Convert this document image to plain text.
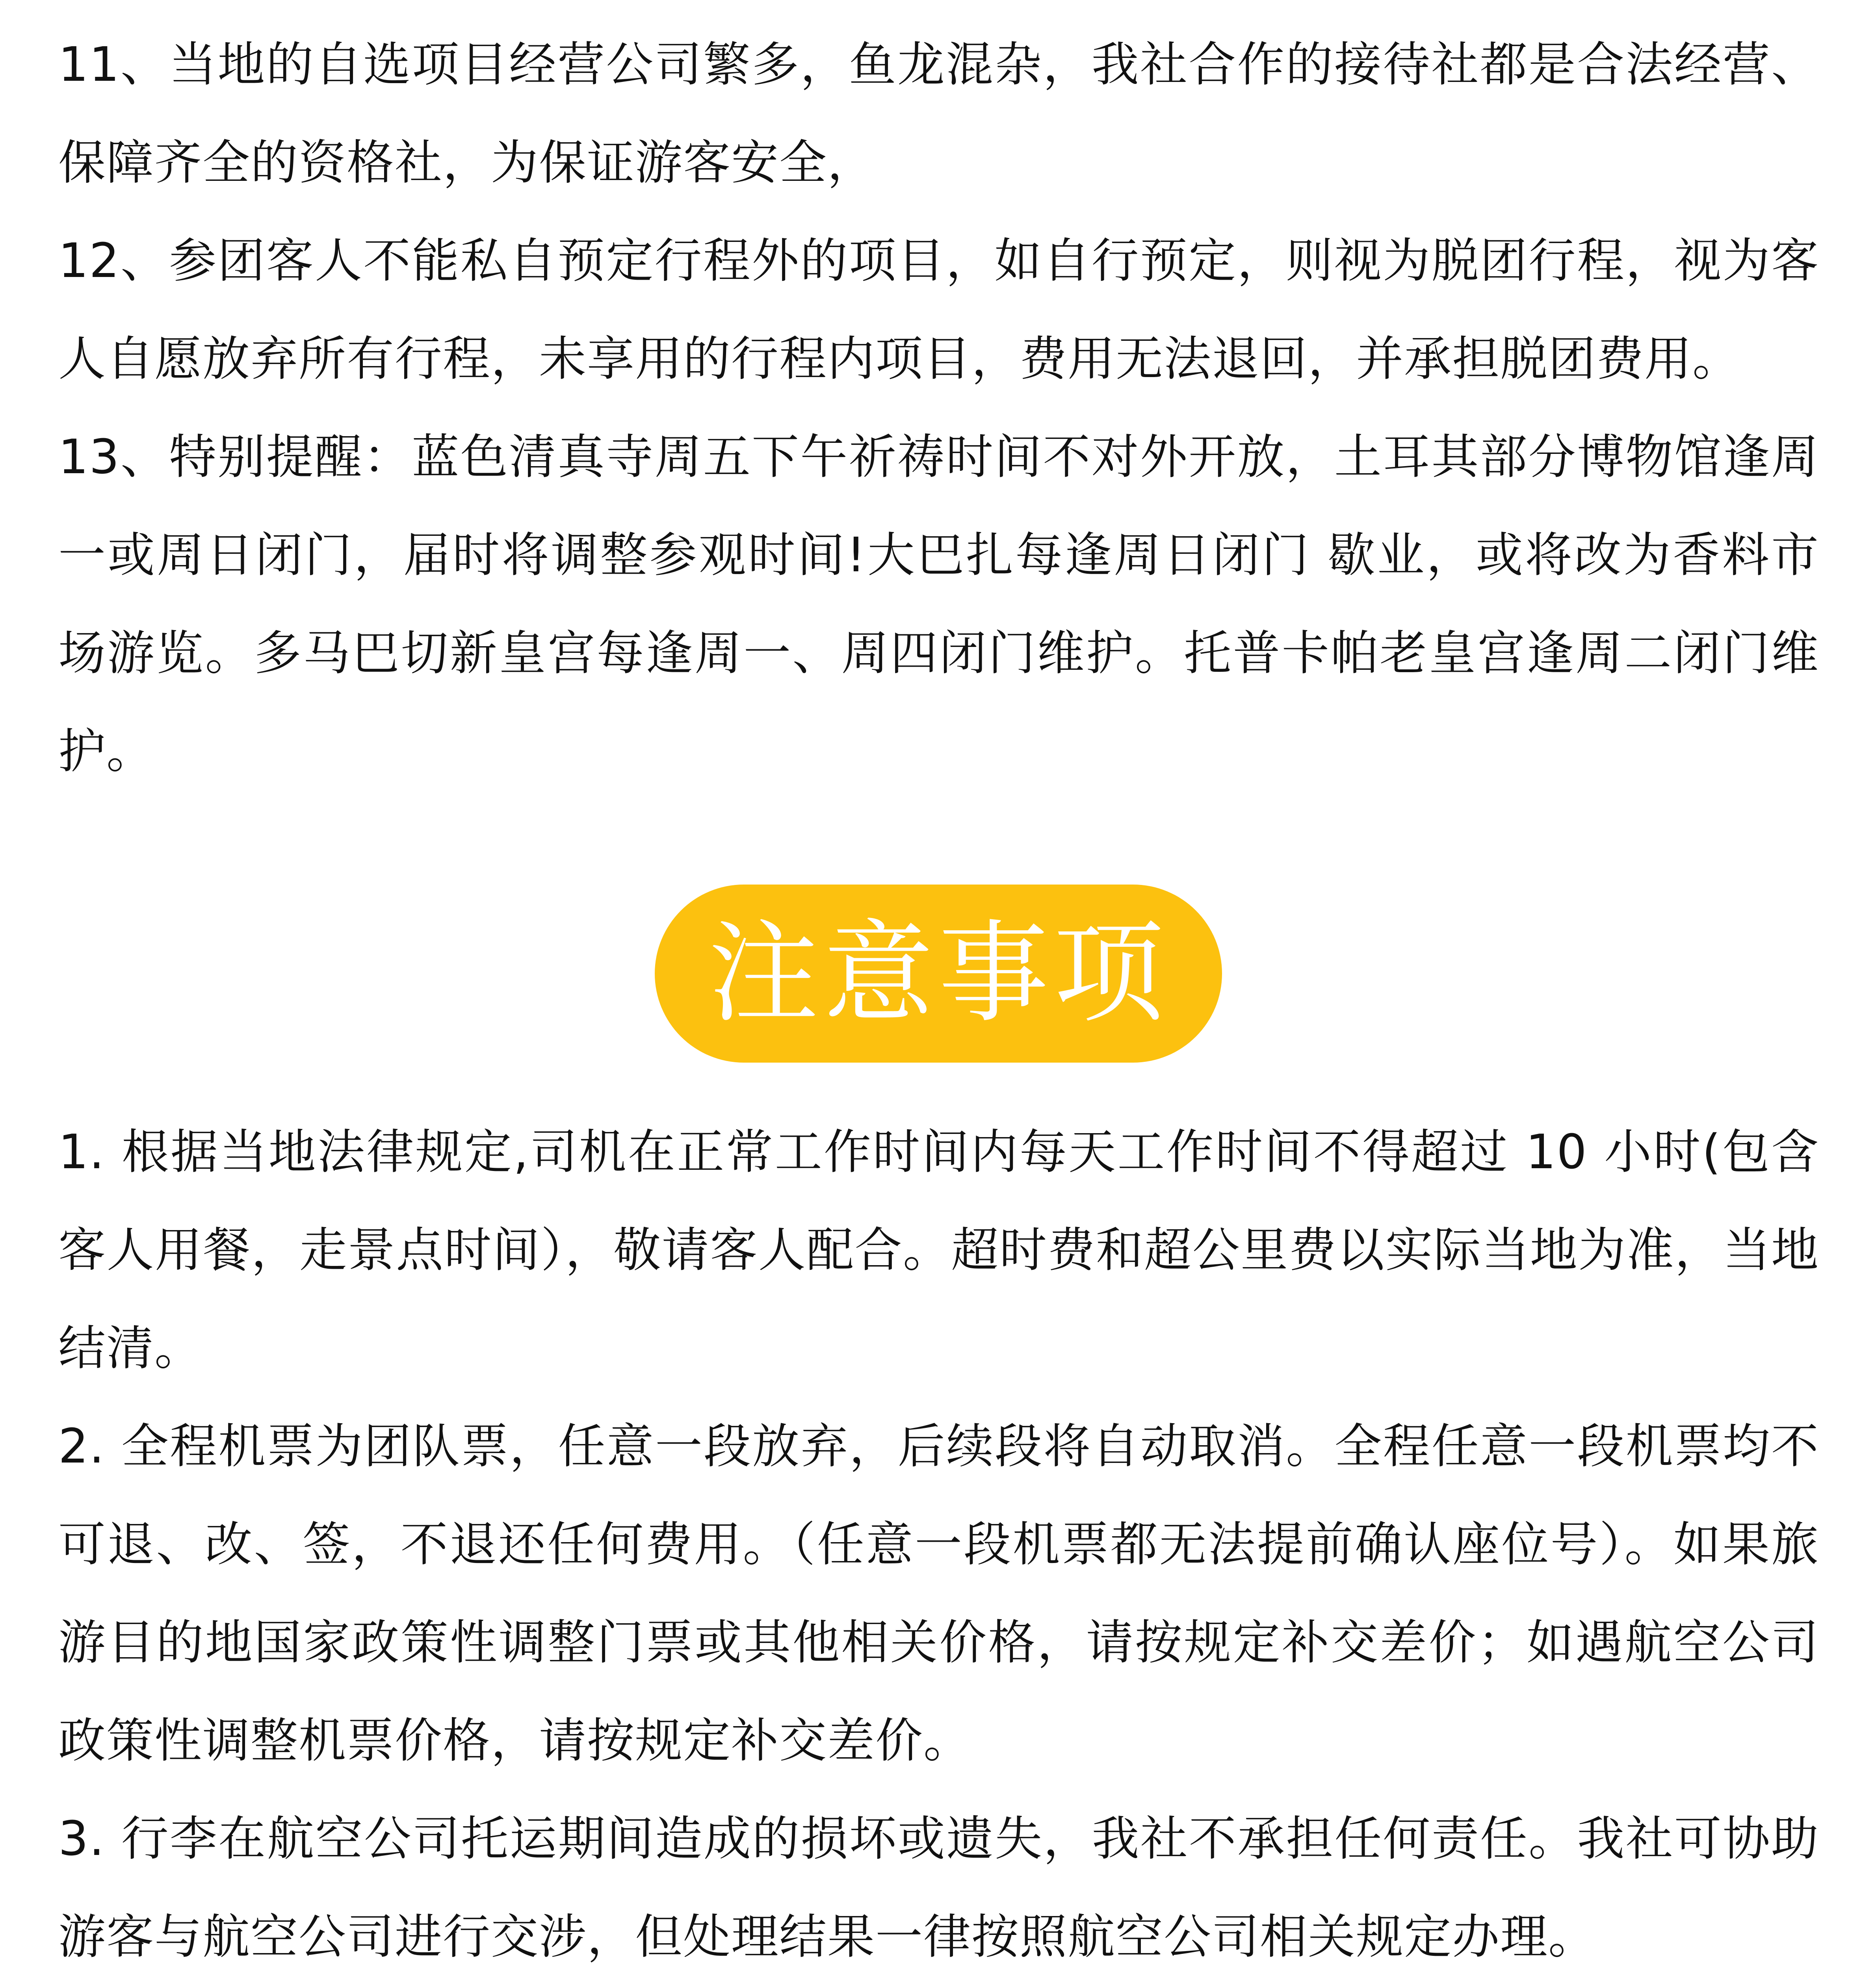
11、当地的自选项目经营公司繁多，鱼龙混杂，我社合作的接待社都是合法经营、保障齐全的资格社，为保证游客安全，

12、参团客人不能私自预定行程外的项目，如自行预定，则视为脱团行程，视为客人自愿放弃所有行程，未享用的行程内项目，费用无法退回，并承担脱团费用。

13、特别提醒：蓝色清真寺周五下午祈祷时间不对外开放，土耳其部分博物馆逢周一或周日闭门，届时将调整参观时间!大巴扎每逢周日闭门 歇业，或将改为香料市场游览。多马巴切新皇宫每逢周一、周四闭门维护。托普卡帕老皇宫逢周二闭门维护。

注意事项

1. 根据当地法律规定,司机在正常工作时间内每天工作时间不得超过 10 小时(包含客人用餐，走景点时间），敬请客人配合。超时费和超公里费以实际当地为准，当地结清。

2. 全程机票为团队票，任意一段放弃，后续段将自动取消。全程任意一段机票均不可退、改、签，不退还任何费用。（任意一段机票都无法提前确认座位号）。如果旅游目的地国家政策性调整门票或其他相关价格，请按规定补交差价；如遇航空公司政策性调整机票价格，请按规定补交差价。

3. 行李在航空公司托运期间造成的损坏或遗失，我社不承担任何责任。我社可协助游客与航空公司进行交涉，但处理结果一律按照航空公司相关规定办理。
